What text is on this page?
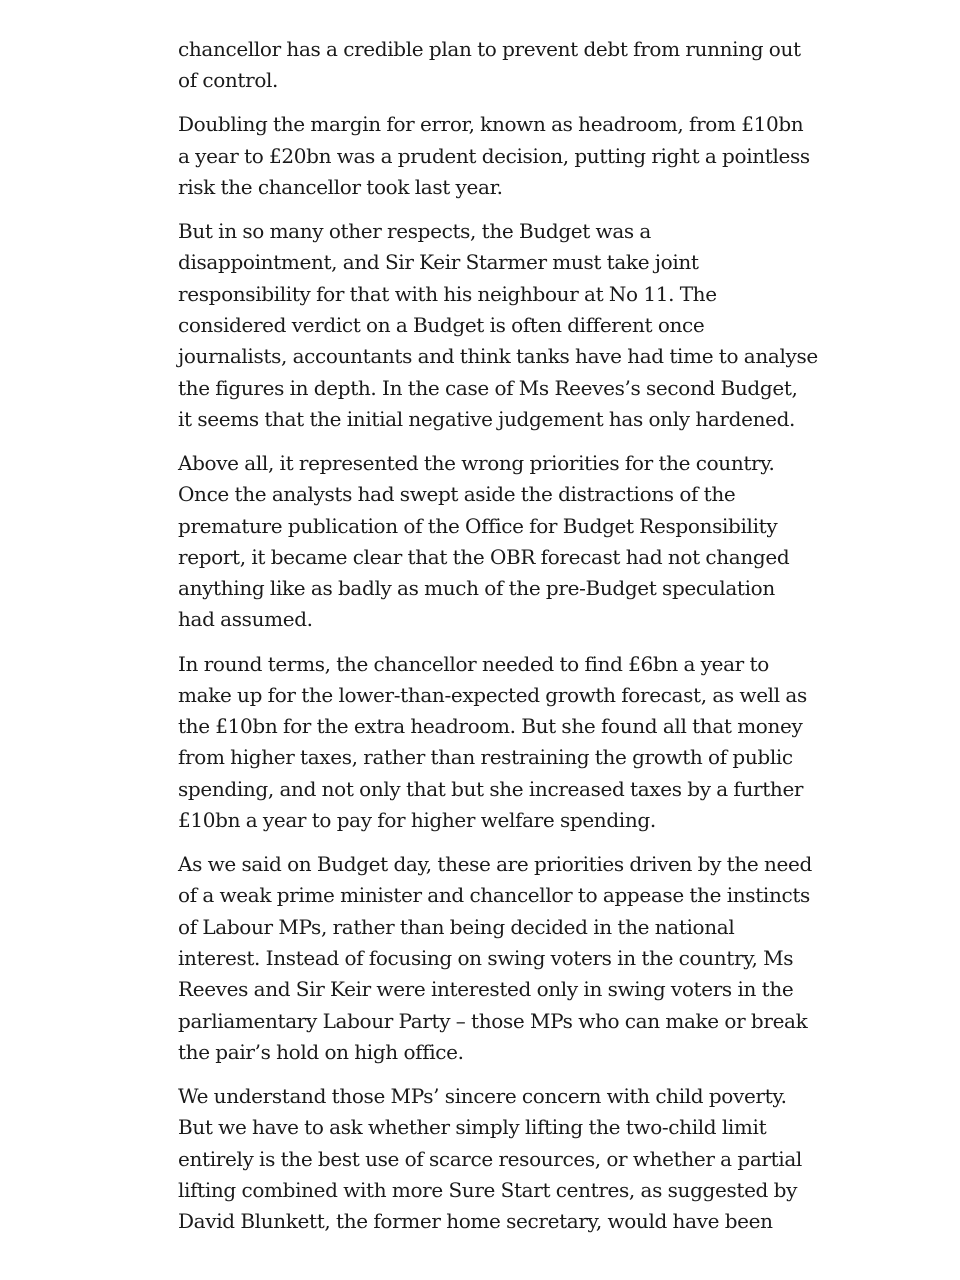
chancellor has a credible plan to prevent debt from running out
of control.

Doubling the margin for error, known as headroom, from £10bn
a year to £20bn was a prudent decision, putting right a pointless
risk the chancellor took last year.

But in so many other respects, the Budget was a
disappointment, and Sir Keir Starmer must take joint
responsibility for that with his neighbour at No 11. The
considered verdict on a Budget is often different once
journalists, accountants and think tanks have had time to analyse
the figures in depth. In the case of Ms Reeves’s second Budget,
it seems that the initial negative judgement has only hardened.

Above all, it represented the wrong priorities for the country.
Once the analysts had swept aside the distractions of the
premature publication of the Office for Budget Responsibility
report, it became clear that the OBR forecast had not changed
anything like as badly as much of the pre-Budget speculation
had assumed.

In round terms, the chancellor needed to find £6bn a year to
make up for the lower-than-expected growth forecast, as well as
the £10bn for the extra headroom. But she found all that money
from higher taxes, rather than restraining the growth of public
spending, and not only that but she increased taxes by a further
£10bn a year to pay for higher welfare spending.

As we said on Budget day, these are priorities driven by the need
of a weak prime minister and chancellor to appease the instincts
of Labour MPs, rather than being decided in the national
interest. Instead of focusing on swing voters in the country, Ms
Reeves and Sir Keir were interested only in swing voters in the
parliamentary Labour Party – those MPs who can make or break
the pair’s hold on high office.

We understand those MPs’ sincere concern with child poverty.
But we have to ask whether simply lifting the two-child limit
entirely is the best use of scarce resources, or whether a partial
lifting combined with more Sure Start centres, as suggested by
David Blunkett, the former home secretary, would have been
